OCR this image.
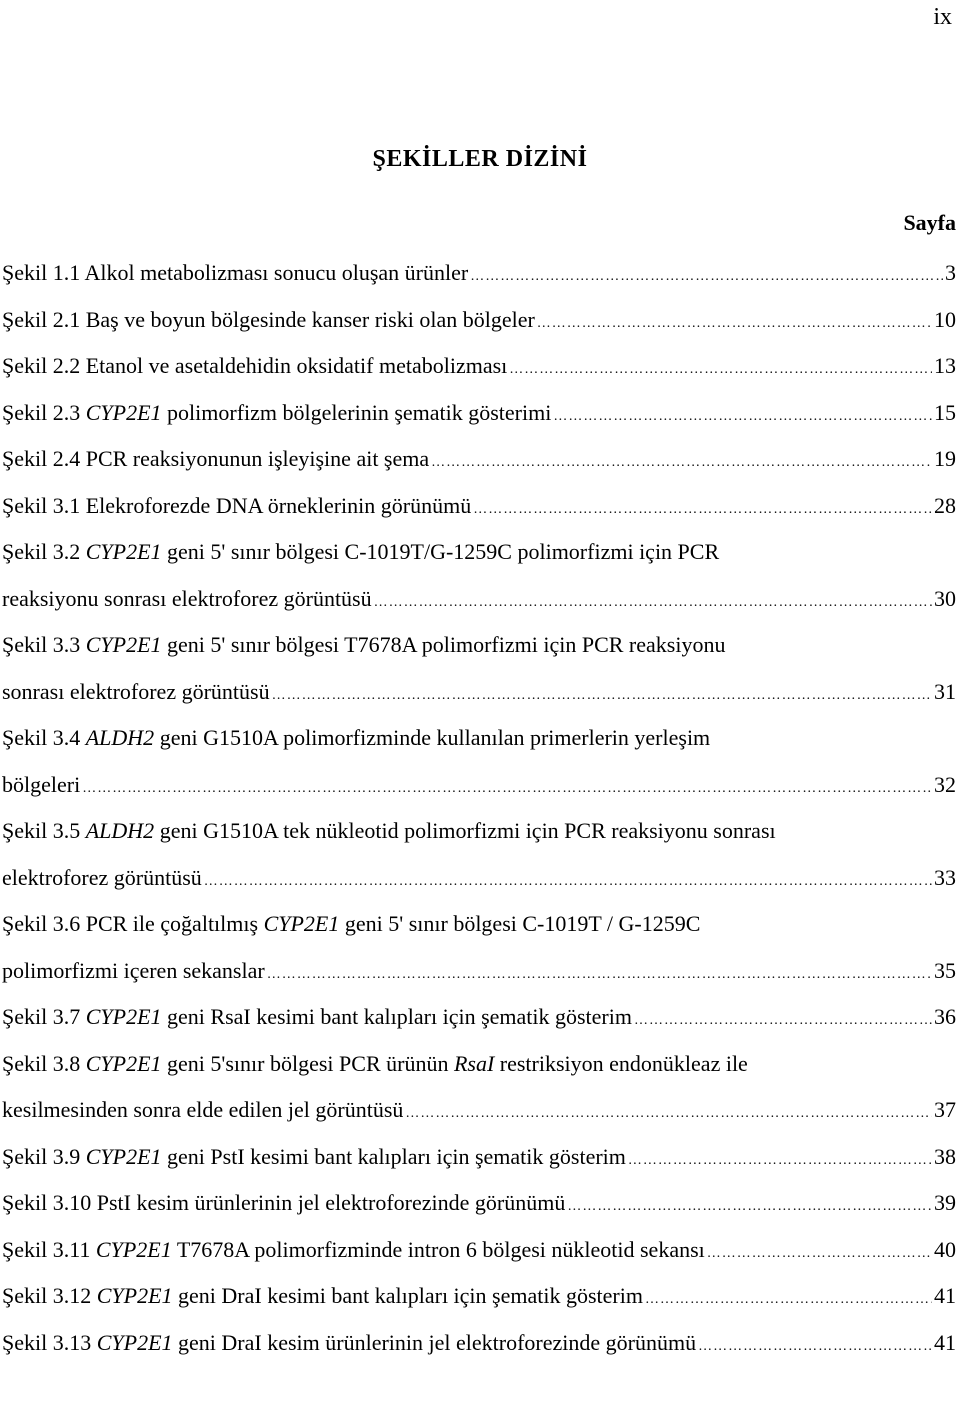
ix
ŞEKİLLER DİZİNİ
Sayfa
Şekil 1.1 Alkol metabolizması sonucu oluşan ürünler ……………………………………………………………………………………………………………………………………………………………………………………………………	3
Şekil 2.1 Baş ve boyun bölgesinde kanser riski olan bölgeler ……………………………………………………………………………………………………………………………………………………………………………………………………	10
Şekil 2.2 Etanol ve asetaldehidin oksidatif metabolizması ……………………………………………………………………………………………………………………………………………………………………………………………………	13
Şekil 2.3 CYP2E1 polimorfizm bölgelerinin şematik gösterimi ……………………………………………………………………………………………………………………………………………………………………………………………………	15
Şekil 2.4 PCR reaksiyonunun işleyişine ait şema ……………………………………………………………………………………………………………………………………………………………………………………………………	19
Şekil 3.1 Elekroforezde DNA örneklerinin görünümü ……………………………………………………………………………………………………………………………………………………………………………………………………	28
Şekil 3.2 CYP2E1 geni 5' sınır bölgesi C-1019T/G-1259C polimorfizmi için PCR
reaksiyonu sonrası elektroforez görüntüsü ……………………………………………………………………………………………………………………………………………………………………………………………………	30
Şekil 3.3 CYP2E1 geni 5' sınır bölgesi T7678A polimorfizmi için PCR reaksiyonu
sonrası elektroforez görüntüsü ……………………………………………………………………………………………………………………………………………………………………………………………………	31
Şekil 3.4 ALDH2 geni G1510A polimorfizminde kullanılan primerlerin yerleşim
bölgeleri ……………………………………………………………………………………………………………………………………………………………………………………………………	32
Şekil 3.5 ALDH2 geni G1510A tek nükleotid polimorfizmi için PCR reaksiyonu sonrası
elektroforez görüntüsü ……………………………………………………………………………………………………………………………………………………………………………………………………	33
Şekil 3.6 PCR ile çoğaltılmış CYP2E1 geni 5' sınır bölgesi C-1019T / G-1259C
polimorfizmi içeren sekanslar ……………………………………………………………………………………………………………………………………………………………………………………………………	35
Şekil 3.7 CYP2E1 geni RsaI kesimi bant kalıpları için şematik gösterim ……………………………………………………………………………………………………………………………………………………………………………………………………	36
Şekil 3.8 CYP2E1 geni 5'sınır bölgesi PCR ürünün RsaI restriksiyon endonükleaz ile
kesilmesinden sonra elde edilen jel görüntüsü ……………………………………………………………………………………………………………………………………………………………………………………………………	37
Şekil 3.9 CYP2E1 geni PstI kesimi bant kalıpları için şematik gösterim ……………………………………………………………………………………………………………………………………………………………………………………………………	38
Şekil 3.10 PstI kesim ürünlerinin jel elektroforezinde görünümü ……………………………………………………………………………………………………………………………………………………………………………………………………	39
Şekil 3.11 CYP2E1 T7678A polimorfizminde intron 6 bölgesi nükleotid sekansı ……………………………………………………………………………………………………………………………………………………………………………………………………	40
Şekil 3.12 CYP2E1 geni DraI kesimi bant kalıpları için şematik gösterim ……………………………………………………………………………………………………………………………………………………………………………………………………	41
Şekil 3.13 CYP2E1 geni DraI kesim ürünlerinin jel elektroforezinde görünümü ……………………………………………………………………………………………………………………………………………………………………………………………………	41
